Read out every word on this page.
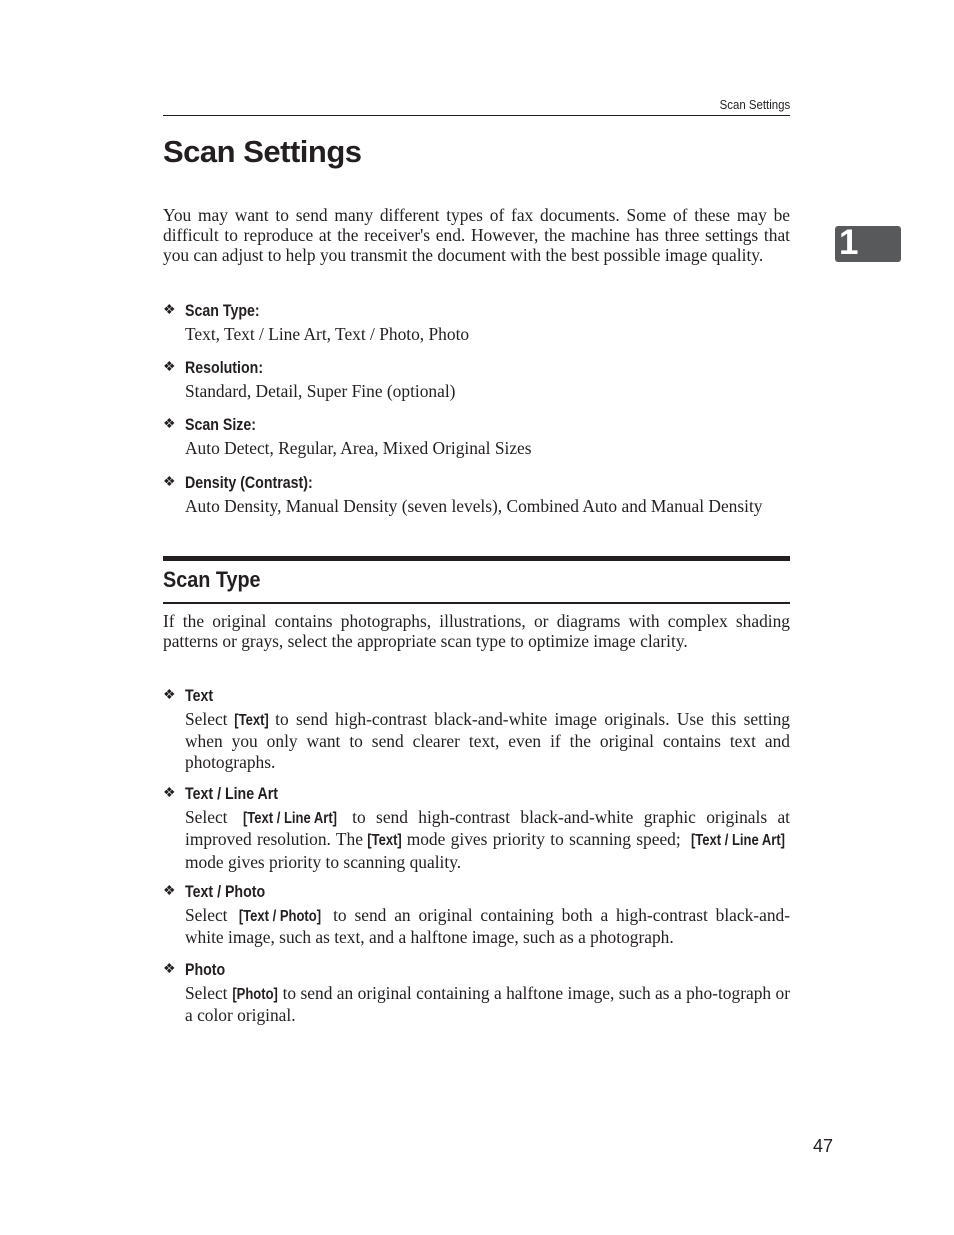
Scan Settings
Scan Settings
1

You may want to send many different types of fax documents. Some of these may be difficult to reproduce at the receiver's end. However, the machine has three settings that you can adjust to help you transmit the document with the best possible image quality.

❖ Scan Type:

Text, Text / Line Art, Text / Photo, Photo

❖ Resolution:

Standard, Detail, Super Fine (optional)

❖ Scan Size:

Auto Detect, Regular, Area, Mixed Original Sizes

❖ Density (Contrast):

Auto Density, Manual Density (seven levels), Combined Auto and Manual Density

Scan Type

If the original contains photographs, illustrations, or diagrams with complex shading patterns or grays, select the appropriate scan type to optimize image clarity.

❖ Text

Select [Text] to send high-contrast black-and-white image originals. Use this setting when you only want to send clearer text, even if the original contains text and photographs.

❖ Text / Line Art

Select [Text / Line Art] to send high-contrast black-and-white graphic originals at improved resolution. The [Text] mode gives priority to scanning speed; [Text / Line Art] mode gives priority to scanning quality.

❖ Text / Photo

Select [Text / Photo] to send an original containing both a high-contrast black-and-white image, such as text, and a halftone image, such as a photograph.

❖ Photo

Select [Photo] to send an original containing a halftone image, such as a pho-tograph or a color original.

47
